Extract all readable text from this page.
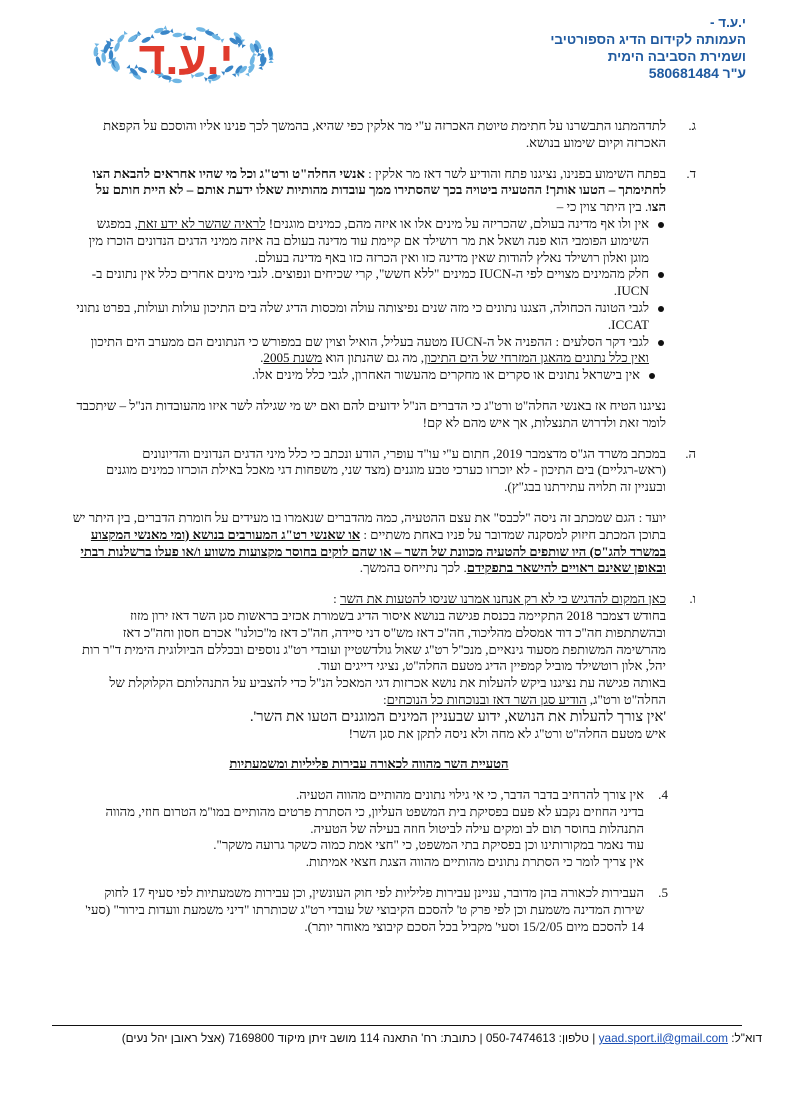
י.ע.ד -
העמותה לקידום הדיג הספורטיבי
ושמירת הסביבה הימית
ע"ר 580681484
י.ע.ד
ג.
לתדהמתנו התבשרנו על חתימת טיוטת האכרזה ע"י מר אלקין כפי שהיא, בהמשך לכך פנינו אליו והוסכם על הקפאת האכרזה וקיום שימוע בנושא.
ד.
בפתח השימוע בפנינו, נציגנו פתח והודיע לשר דאז מר אלקין : אנשי החלה"ט ורט"ג וכל מי שהיו אחראים להבאת הצו לחתימתך – הטעו אותך! ההטעיה ביטויה בכך שהסתירו ממך עובדות מהותיות שאלו ידעת אותם – לא היית חותם על הצו. בין היתר צוין כי –
אין ולו אף מדינה בעולם, שהכריזה על מינים אלו או איזה מהם, כמינים מוגנים! לראיה שהשר לא ידע זאת, במפגש השימוע הפומבי הוא פנה ושאל את מר רושילד אם קיימת עוד מדינה בעולם בה איזה ממיני הדגים הנדונים הוכרז מין מוגן ואלון רושילד נאלץ להודות שאין מדינה כזו ואין הכרזה כזו באף מדינה בעולם.
חלק מהמינים מצויים לפי ה-IUCN כמינים "ללא חשש", קרי שכיחים ונפוצים. לגבי מינים אחרים כלל אין נתונים ב-IUCN.
לגבי הטונה הכחולה, הצגנו נתונים כי מזה שנים נפיצותה עולה ומכסות הדיג שלה בים התיכון עולות ועולות, בפרט נתוני ICCAT.
לגבי דקר הסלעים : ההפניה אל ה-IUCN מטעה בעליל, הואיל וצוין שם במפורש כי הנתונים הם ממערב הים התיכון ואין כלל נתונים מהאגן המזרחי של הים התיכון, מה גם שהנתון הוא משנת 2005.
אין בישראל נתונים או סקרים או מחקרים מהעשור האחרון, לגבי כלל מינים אלו.
נציגנו הטיח אז באנשי החלה"ט ורט"ג כי הדברים הנ"ל ידועים להם ואם יש מי שגילה לשר איזו מהעובדות הנ"ל – שיתכבד לומר זאת ולדרוש התנצלות, אך איש מהם לא קם!
ה.
במכתב משרד הג"ס מדצמבר 2019, חתום ע"י עו"ד עופרי, הודע ונכתב כי כלל מיני הדגים הנדונים והדיונונים (ראש-רגליים) בים התיכון - לא יוכרזו כערכי טבע מוגנים (מצד שני, משפחות דגי מאכל באילת הוכרזו כמינים מוגנים ובעניין זה תלויה עתירתנו בבג"ץ).
יועד : הגם שמכתב זה ניסה "לכבס" את עצם ההטעיה, כמה מהדברים שנאמרו בו מעידים על חומרת הדברים, בין היתר יש בתוכן המכתב חיזוק למסקנה שמדובר על פניו באחת משתיים : או שאנשי רט"ג המעורבים בנושא (ומי מאנשי המקצוע במשרד להג"ס) היו שותפים להטעיה מכוונת של השר – או שהם לוקים בחוסר מקצועות משווע ו/או פעלו ברשלנות רבתי ובאופן שאינם ראויים להישאר בתפקידם. לכך נתייחס בהמשך.
ו.
כאן המקום להדגיש כי לא רק אנחנו אמרנו שניסו להטעות את השר :
בחודש דצמבר 2018 התקיימה בכנסת פגישה בנושא איסור הדיג בשמורת אכזיב בראשות סגן השר דאז ירון מזוז ובהשתתפות חה"כ דוד אמסלם מהליכוד, חה"כ דאז מש"ס דני סיידה, חה"כ דאז מ"כולנו" אכרם חסון וחה"כ דאז מהרשימה המשותפת מסעוד גינאיים, מנכ"ל רט"ג שאול גולדשטיין ועובדי רט"ג נוספים ובכללם הביולוגית הימית ד"ר רות יהל, אלון רוטשילד מוביל קמפיין הדיג מטעם החלה"ט, נציגי דייגים ועוד.
באותה פגישה עת נציגנו ביקש להעלות את נושא אכרזות דגי המאכל הנ"ל כדי להצביע על התנהלותם הקלוקלת של החלה"ט ורט"ג, הודיע סגן השר דאז ובנוכחות כל הנוכחים:
'אין צורך להעלות את הנושא, ידוע שבעניין המינים המוגנים הטעו את השר'.
איש מטעם החלה"ט ורט"ג לא מחה ולא ניסה לתקן את סגן השר!
הטעיית השר מהווה לכאורה עבירות פליליות ומשמעתיות
4.
אין צורך להרחיב בדבר הדבר, כי אי גילוי נתונים מהותיים מהווה הטעיה.
בדיני החוזים נקבע לא פעם בפסיקת בית המשפט העליון, כי הסתרת פרטים מהותיים במו"מ הטרום חוזי, מהווה התנהלות בחוסר תום לב ומקים עילה לביטול חוזה בעילה של הטעיה.
עוד נאמר במקורותינו וכן בפסיקת בתי המשפט, כי "חצי אמת כמוה כשקר גרועה משקר".
אין צריך לומר כי הסתרת נתונים מהותיים מהווה הצגת חצאי אמיתות.
5.
העבירות לכאורה בהן מדובר, עניינן עבירות פליליות לפי חוק העונשין, וכן עבירות משמעתיות לפי סעיף 17 לחוק שירות המדינה משמעת וכן לפי פרק ט' להסכם הקיבוצי של עובדי רט"ג שכותרתו "דיני משמעת וועדות בירור" (סעי' 14 להסכם מיום 15/2/05 וסעי' מקביל בכל הסכם קיבוצי מאוחר יותר).
דוא"ל: yaad.sport.il@gmail.com | טלפון: 050-7474613 | כתובת: רח' התאנה 114 מושב זיתן מיקוד 7169800 (אצל ראובן יהל נעים)
